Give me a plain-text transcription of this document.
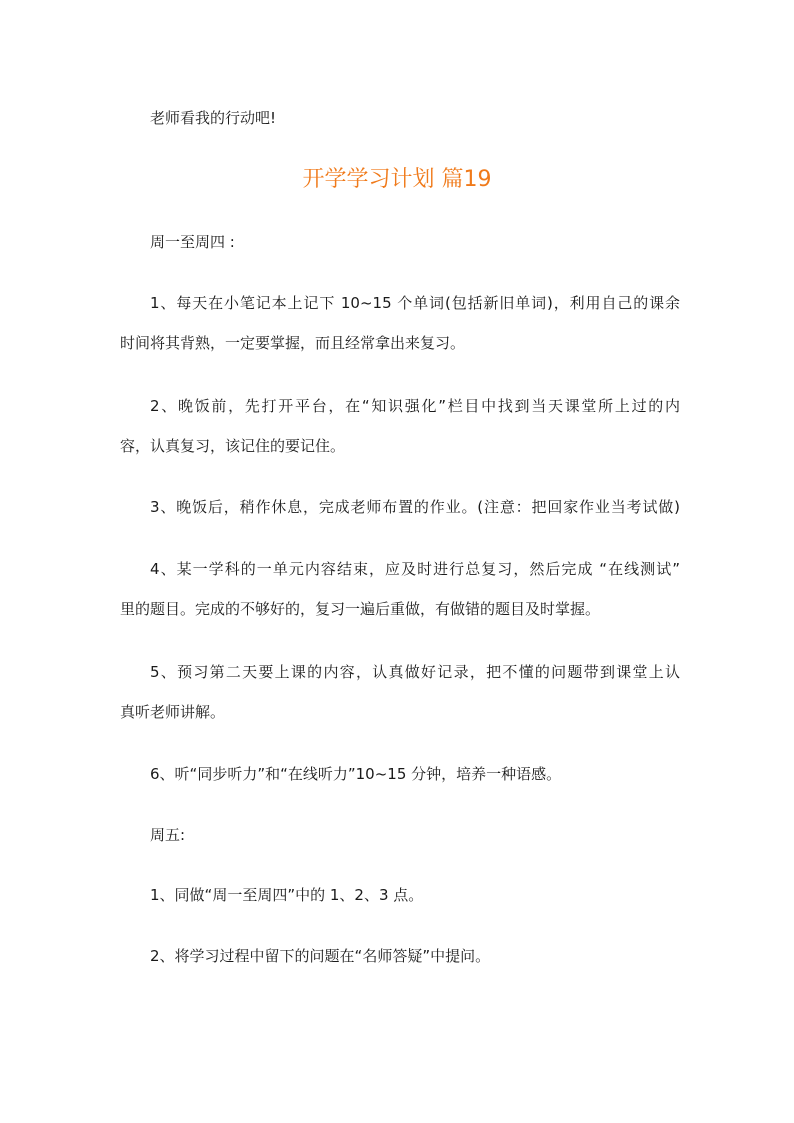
老师看我的行动吧!
开学学习计划 篇19
周一至周四 :
1、每天在小笔记本上记下 10~15 个单词(包括新旧单词)，利用自己的课余
时间将其背熟，一定要掌握，而且经常拿出来复习。
2、晚饭前，先打开平台，在“知识强化”栏目中找到当天课堂所上过的内
容，认真复习，该记住的要记住。
3、晚饭后，稍作休息，完成老师布置的作业。(注意：把回家作业当考试做)
4、某一学科的一单元内容结束，应及时进行总复习，然后完成 “在线测试”
里的题目。完成的不够好的，复习一遍后重做，有做错的题目及时掌握。
5、预习第二天要上课的内容，认真做好记录，把不懂的问题带到课堂上认
真听老师讲解。
6、听“同步听力”和“在线听力”10~15 分钟，培养一种语感。
周五:
1、同做“周一至周四”中的 1、2、3 点。
2、将学习过程中留下的问题在“名师答疑”中提问。
